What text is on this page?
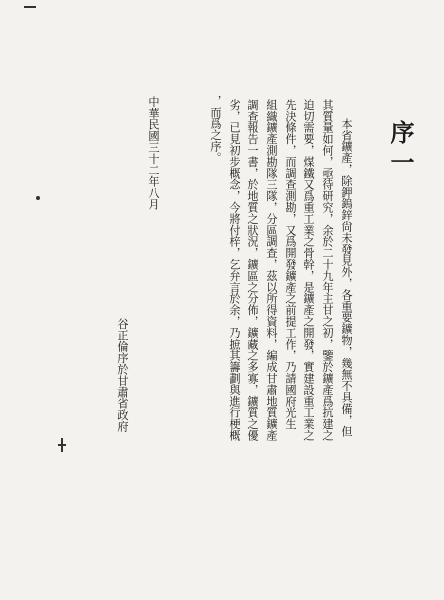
序一
本省鑛產，除鉀鎢鋅尙未發見外，各重要鑛物，幾無不具備，但
其質量如何，亟待研究，余於二十九年主甘之初，鑒於鑛產爲抗建之
迫切需要，煤鐵又爲重工業之骨幹，是鑛產之開發，實建設重工業之
先決條件，而調查測勘，又爲開發鑛產之前提工作，乃請國府光生
組織鑛產測勘隊三隊，分區調查，茲以所得資料，編成甘肅地質鑛產
調查報告一書，於地質之狀況，鑛區之分佈，鑛藏之多寡，鑛質之優
劣，已見初步概念，今將付梓，乞弁言於余，乃摭其籌劃與進行梗概
，而爲之序。
中華民國三十二年八月
谷正倫序於甘肅省政府
